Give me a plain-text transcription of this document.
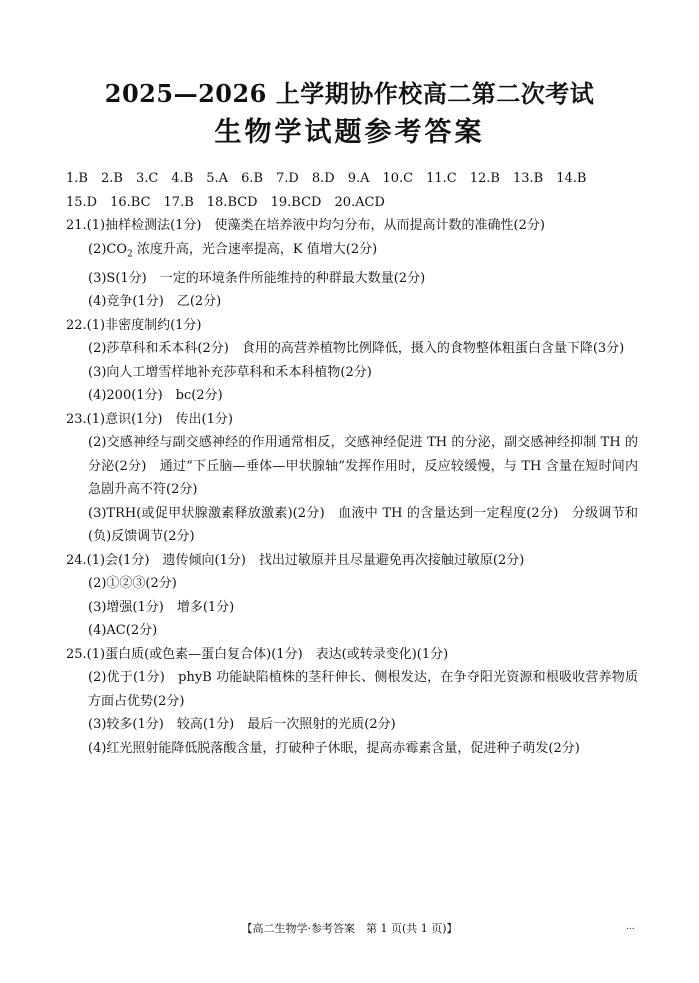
2025—2026 上学期协作校高二第二次考试
生物学试题参考答案
1.B 2.B 3.C 4.B 5.A 6.B 7.D 8.D 9.A 10.C 11.C 12.B 13.B 14.B
15.D 16.BC 17.B 18.BCD 19.BCD 20.ACD
21.(1)抽样检测法(1分)　使藻类在培养液中均匀分布，从而提高计数的准确性(2分)
$(2)CO_2$ 浓度升高，光合速率提高，K 值增大(2分)
(3)S(1分)　一定的环境条件所能维持的种群最大数量(2分)
(4)竞争(1分)　乙(2分)
22.(1)非密度制约(1分)
(2)莎草科和禾本科(2分)　食用的高营养植物比例降低，摄入的食物整体粗蛋白含量下降(3分)
(3)向人工增雪样地补充莎草科和禾本科植物(2分)
(4)200(1分)　bc(2分)
23.(1)意识(1分)　传出(1分)
(2)交感神经与副交感神经的作用通常相反，交感神经促进 TH 的分泌，副交感神经抑制 TH 的分泌(2分)　通过“下丘脑—垂体—甲状腺轴”发挥作用时，反应较缓慢，与 TH 含量在短时间内急剧升高不符(2分)
(3)TRH(或促甲状腺激素释放激素)(2分)　血液中 TH 的含量达到一定程度(2分)　分级调节和(负)反馈调节(2分)
24.(1)会(1分)　遗传倾向(1分)　找出过敏原并且尽量避免再次接触过敏原(2分)
(2)①②③(2分)
(3)增强(1分)　增多(1分)
(4)AC(2分)
25.(1)蛋白质(或色素—蛋白复合体)(1分)　表达(或转录变化)(1分)
(2)优于(1分)　phyB 功能缺陷植株的茎秆伸长、侧根发达，在争夺阳光资源和根吸收营养物质方面占优势(2分)
(3)较多(1分)　较高(1分)　最后一次照射的光质(2分)
(4)红光照射能降低脱落酸含量，打破种子休眠，提高赤霉素含量，促进种子萌发(2分)
【高二生物学·参考答案　第 1 页(共 1 页)】	...
